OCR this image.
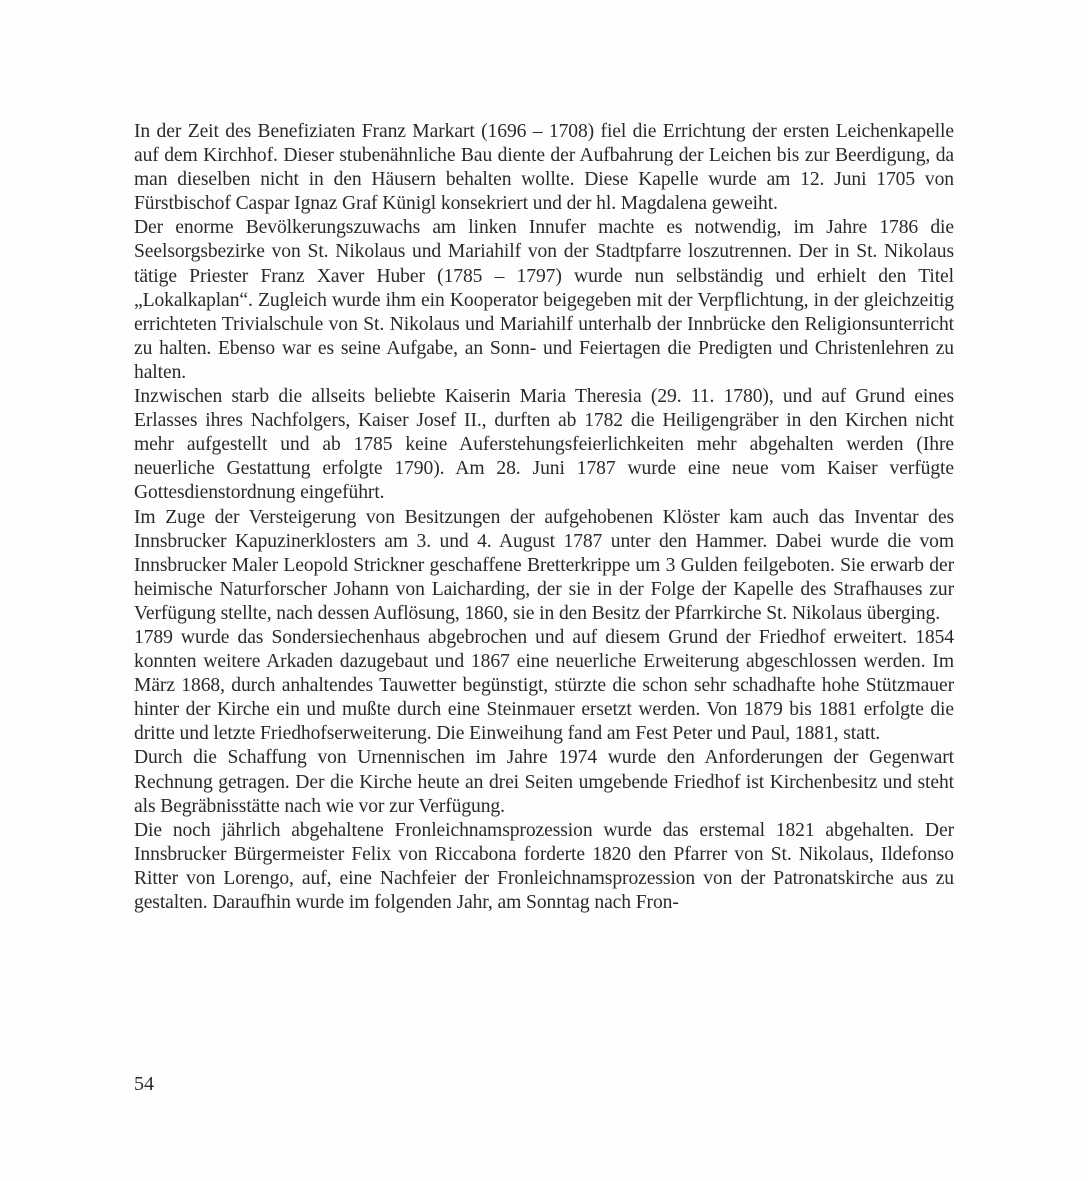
In der Zeit des Benefiziaten Franz Markart (1696 – 1708) fiel die Errichtung der ersten Leichenkapelle auf dem Kirchhof. Dieser stubenähnliche Bau diente der Aufbahrung der Leichen bis zur Beerdigung, da man dieselben nicht in den Häusern behalten wollte. Diese Kapelle wurde am 12. Juni 1705 von Fürstbischof Caspar Ignaz Graf Künigl konsekriert und der hl. Magdalena geweiht.

Der enorme Bevölkerungszuwachs am linken Innufer machte es notwendig, im Jahre 1786 die Seelsorgsbezirke von St. Nikolaus und Mariahilf von der Stadtpfarre loszutrennen. Der in St. Nikolaus tätige Priester Franz Xaver Huber (1785 – 1797) wurde nun selbständig und erhielt den Titel „Lokalkaplan“. Zugleich wurde ihm ein Kooperator beigegeben mit der Verpflichtung, in der gleichzeitig errichteten Trivialschule von St. Nikolaus und Mariahilf unterhalb der Innbrücke den Religionsunterricht zu halten. Ebenso war es seine Aufgabe, an Sonn- und Feiertagen die Predigten und Christenlehren zu halten.

Inzwischen starb die allseits beliebte Kaiserin Maria Theresia (29. 11. 1780), und auf Grund eines Erlasses ihres Nachfolgers, Kaiser Josef II., durften ab 1782 die Heiligengräber in den Kirchen nicht mehr aufgestellt und ab 1785 keine Auferstehungsfeierlichkeiten mehr abgehalten werden (Ihre neuerliche Gestattung erfolgte 1790). Am 28. Juni 1787 wurde eine neue vom Kaiser verfügte Gottesdienstordnung eingeführt.

Im Zuge der Versteigerung von Besitzungen der aufgehobenen Klöster kam auch das Inventar des Innsbrucker Kapuzinerklosters am 3. und 4. August 1787 unter den Hammer. Dabei wurde die vom Innsbrucker Maler Leopold Strickner geschaffene Bretterkrippe um 3 Gulden feilgeboten. Sie erwarb der heimische Naturforscher Johann von Laicharding, der sie in der Folge der Kapelle des Strafhauses zur Verfügung stellte, nach dessen Auflösung, 1860, sie in den Besitz der Pfarrkirche St. Nikolaus überging.

1789 wurde das Sondersiechenhaus abgebrochen und auf diesem Grund der Friedhof erweitert. 1854 konnten weitere Arkaden dazugebaut und 1867 eine neuerliche Erweiterung abgeschlossen werden. Im März 1868, durch anhaltendes Tauwetter begünstigt, stürzte die schon sehr schadhafte hohe Stützmauer hinter der Kirche ein und mußte durch eine Steinmauer ersetzt werden. Von 1879 bis 1881 erfolgte die dritte und letzte Friedhofserweiterung. Die Einweihung fand am Fest Peter und Paul, 1881, statt.

Durch die Schaffung von Urnennischen im Jahre 1974 wurde den Anforderungen der Gegenwart Rechnung getragen. Der die Kirche heute an drei Seiten umgebende Friedhof ist Kirchenbesitz und steht als Begräbnisstätte nach wie vor zur Verfügung.

Die noch jährlich abgehaltene Fronleichnamsprozession wurde das erstemal 1821 abgehalten. Der Innsbrucker Bürgermeister Felix von Riccabona forderte 1820 den Pfarrer von St. Nikolaus, Ildefonso Ritter von Lorengo, auf, eine Nachfeier der Fronleichnamsprozession von der Patronatskirche aus zu gestalten. Daraufhin wurde im folgenden Jahr, am Sonntag nach Fron-

54
